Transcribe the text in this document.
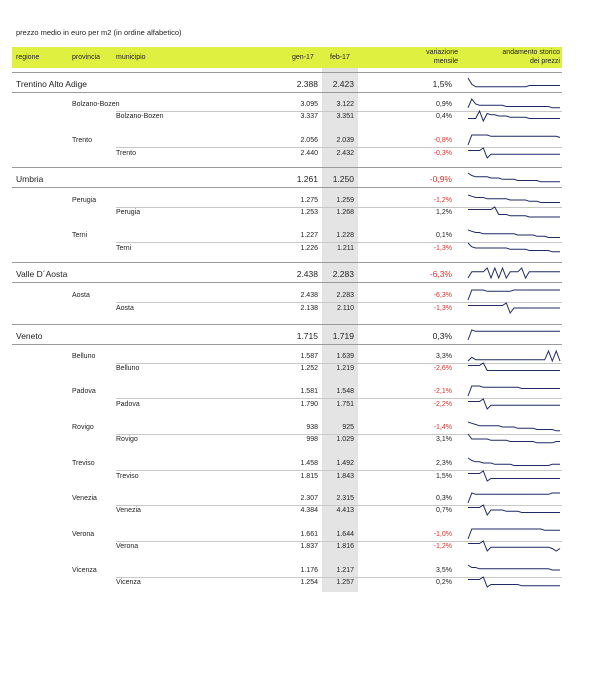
prezzo medio in euro per m2 (in ordine alfabetico)
regione	provincia municipio	gen-17 feb-17
variazione
mensile
andamento storico
dei prezzi
Trentino Alto Adige	2.388	2.423	1,5%
Bolzano-Bozen	3.095	3.122	0,9%
Bolzano-Bozen	3.337	3.351	0,4%
Trento	2.056	2.039	-0,8%
Trento	2.440	2.432	-0,3%
Umbria	1.261	1.250	-0,9%
Perugia	1.275	1.259	-1,2%
Perugia	1.253	1.268	1,2%
Terni	1.227	1.228	0,1%
Terni	1.226	1.211	-1,3%
Valle D´Aosta	2.438	2.283	-6,3%
Aosta	2.438	2.283	-6,3%
Aosta	2.138	2.110	-1,3%
Veneto	1.715	1.719	0,3%
Belluno	1.587	1.639	3,3%
Belluno	1.252	1.219	-2,6%
Padova	1.581	1.548	-2,1%
Padova	1.790	1.751	-2,2%
Rovigo	938	925	-1,4%
Rovigo	998	1.029	3,1%
Treviso	1.458	1.492	2,3%
Treviso	1.815	1.843	1,5%
Venezia	2.307	2.315	0,3%
Venezia	4.384	4.413	0,7%
Verona	1.661	1.644	-1,0%
Verona	1.837	1.816	-1,2%
Vicenza	1.176	1.217	3,5%
Vicenza	1.254	1.257	0,2%
